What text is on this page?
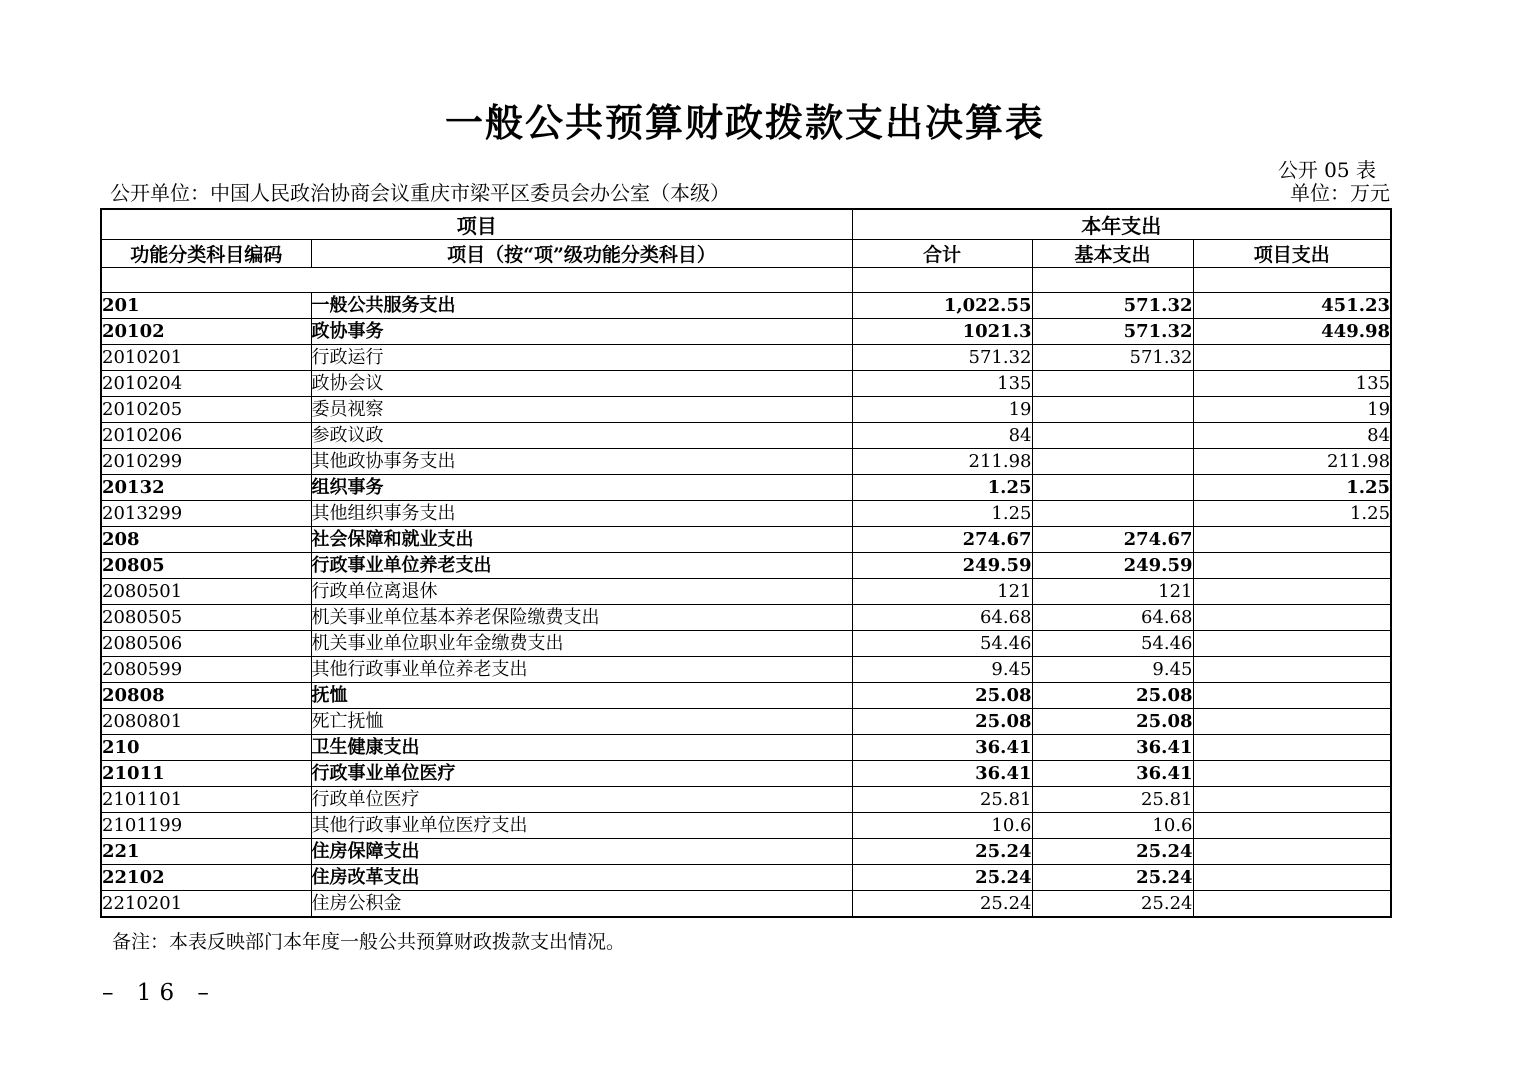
一般公共预算财政拨款支出决算表
公开 05 表
公开单位：中国人民政治协商会议重庆市梁平区委员会办公室（本级）	单位：万元
项目		本年支出		
功能分类科目编码	项目（按“项”级功能分类科目）	合计	基本支出	项目支出

201	一般公共服务支出	1,022.55	571.32	451.23
20102	政协事务	1021.3	571.32	449.98
2010201	行政运行	571.32	571.32	
2010204	政协会议	135		135
2010205	委员视察	19		19
2010206	参政议政	84		84
2010299	其他政协事务支出	211.98		211.98
20132	组织事务	1.25		1.25
2013299	其他组织事务支出	1.25		1.25
208	社会保障和就业支出	274.67	274.67	
20805	行政事业单位养老支出	249.59	249.59	
2080501	行政单位离退休	121	121	
2080505	机关事业单位基本养老保险缴费支出	64.68	64.68	
2080506	机关事业单位职业年金缴费支出	54.46	54.46	
2080599	其他行政事业单位养老支出	9.45	9.45	
20808	抚恤	25.08	25.08	
2080801	死亡抚恤	25.08	25.08	
210	卫生健康支出	36.41	36.41	
21011	行政事业单位医疗	36.41	36.41	
2101101	行政单位医疗	25.81	25.81	
2101199	其他行政事业单位医疗支出	10.6	10.6	
221	住房保障支出	25.24	25.24	
22102	住房改革支出	25.24	25.24	
2210201	住房公积金	25.24	25.24	
备注：本表反映部门本年度一般公共预算财政拨款支出情况。
– 16 –
